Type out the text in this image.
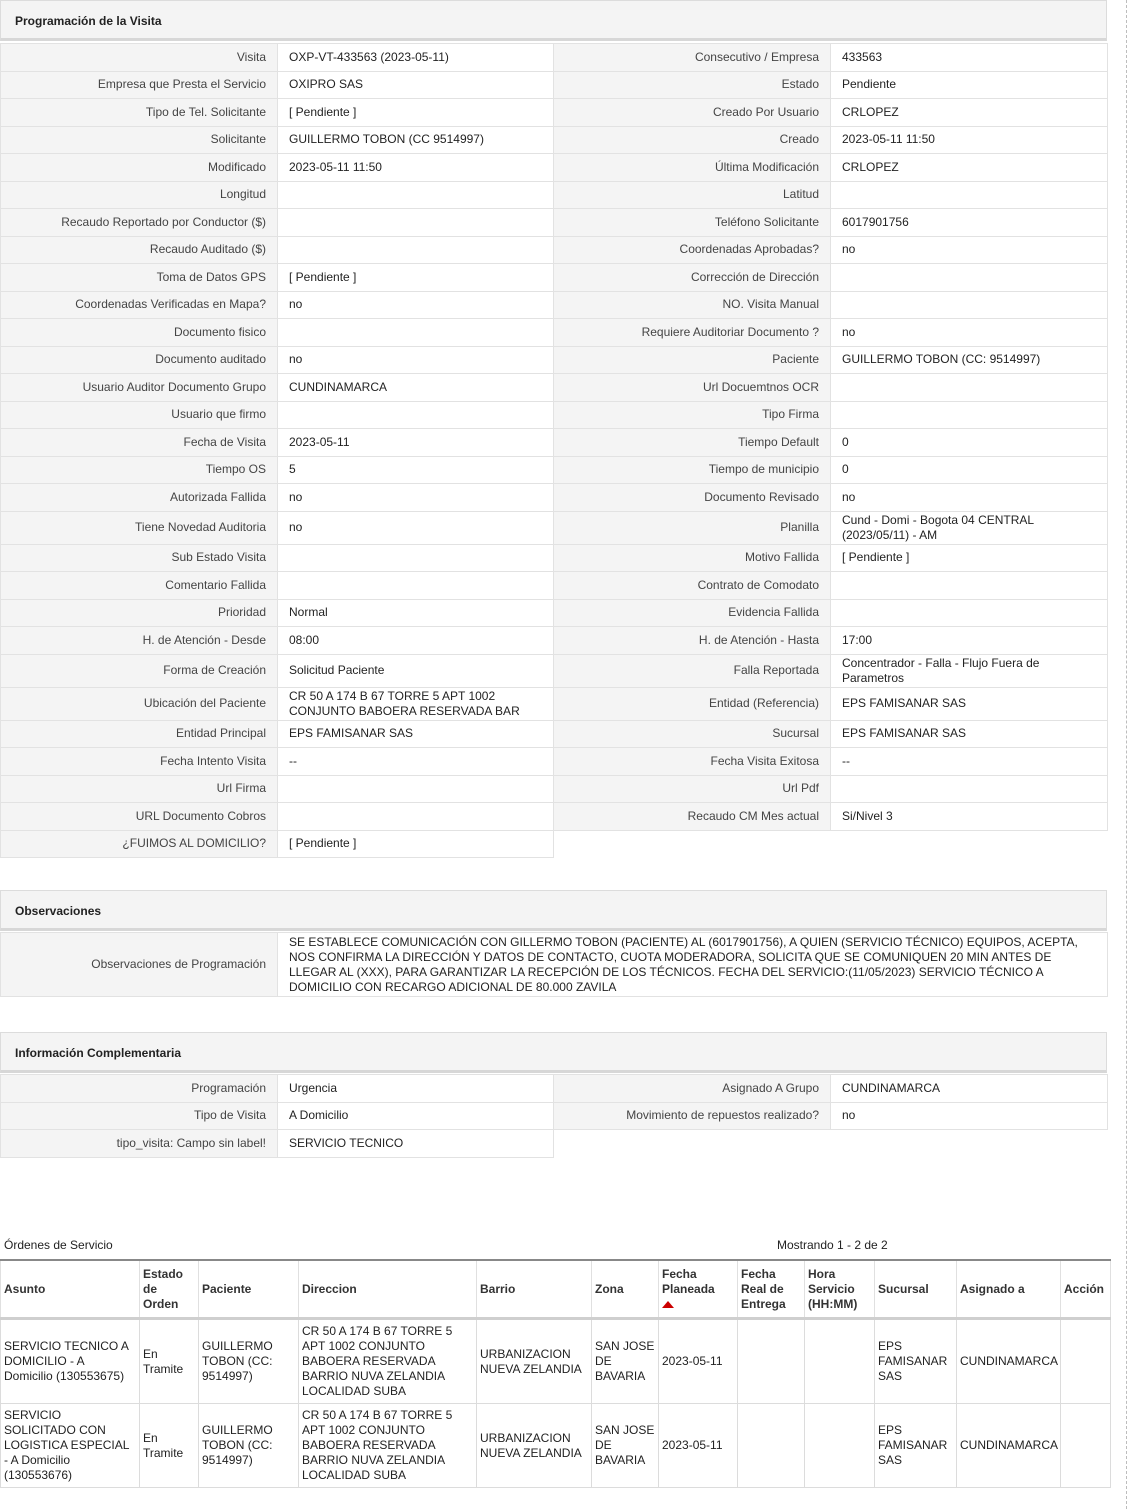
Programación de la Visita
Visita	OXP-VT-433563 (2023-05-11)	Consecutivo / Empresa	433563
Empresa que Presta el Servicio	OXIPRO SAS	Estado	Pendiente
Tipo de Tel. Solicitante	[ Pendiente ]	Creado Por Usuario	CRLOPEZ
Solicitante	GUILLERMO TOBON (CC 9514997)	Creado	2023-05-11 11:50
Modificado	2023-05-11 11:50	Última Modificación	CRLOPEZ
Longitud		Latitud	
Recaudo Reportado por Conductor ($)		Teléfono Solicitante	6017901756
Recaudo Auditado ($)		Coordenadas Aprobadas?	no
Toma de Datos GPS	[ Pendiente ]	Corrección de Dirección	
Coordenadas Verificadas en Mapa?	no	NO. Visita Manual	
Documento fisico		Requiere Auditoriar Documento ?	no
Documento auditado	no	Paciente	GUILLERMO TOBON (CC: 9514997)
Usuario Auditor Documento Grupo	CUNDINAMARCA	Url Docuemtnos OCR	
Usuario que firmo		Tipo Firma	
Fecha de Visita	2023-05-11	Tiempo Default	0
Tiempo OS	5	Tiempo de municipio	0
Autorizada Fallida	no	Documento Revisado	no
Tiene Novedad Auditoria	no	Planilla	Cund - Domi - Bogota 04 CENTRAL (2023/05/11) - AM
Sub Estado Visita		Motivo Fallida	[ Pendiente ]
Comentario Fallida		Contrato de Comodato	
Prioridad	Normal	Evidencia Fallida	
H. de Atención - Desde	08:00	H. de Atención - Hasta	17:00
Forma de Creación	Solicitud Paciente	Falla Reportada	Concentrador - Falla - Flujo Fuera de Parametros
Ubicación del Paciente	CR 50 A 174 B 67 TORRE 5 APT 1002 CONJUNTO BABOERA RESERVADA BAR	Entidad (Referencia)	EPS FAMISANAR SAS
Entidad Principal	EPS FAMISANAR SAS	Sucursal	EPS FAMISANAR SAS
Fecha Intento Visita	--	Fecha Visita Exitosa	--
Url Firma		Url Pdf	
URL Documento Cobros		Recaudo CM Mes actual	Si/Nivel 3
¿FUIMOS AL DOMICILIO?	[ Pendiente ]		
Observaciones
Observaciones de Programación	SE ESTABLECE COMUNICACIÓN CON GILLERMO TOBON (PACIENTE) AL (6017901756), A QUIEN (SERVICIO TÉCNICO) EQUIPOS, ACEPTA, NOS CONFIRMA LA DIRECCIÓN Y DATOS DE CONTACTO, CUOTA MODERADORA, SOLICITA QUE SE COMUNIQUEN 20 MIN ANTES DE LLEGAR AL (XXX), PARA GARANTIZAR LA RECEPCIÓN DE LOS TÉCNICOS. FECHA DEL SERVICIO:(11/05/2023) SERVICIO TÉCNICO A DOMICILIO CON RECARGO ADICIONAL DE 80.000 ZAVILA
Información Complementaria
Programación	Urgencia	Asignado A Grupo	CUNDINAMARCA
Tipo de Visita	A Domicilio	Movimiento de repuestos realizado?	no
tipo_visita: Campo sin label!	SERVICIO TECNICO		
Órdenes de Servicio	Mostrando 1 - 2 de 2
Asunto	Estado de Orden	Paciente	Direccion	Barrio	Zona	Fecha Planeada	Fecha Real de Entrega	Hora Servicio (HH:MM)	Sucursal	Asignado a	Acción
SERVICIO TECNICO A DOMICILIO - A Domicilio (130553675)	En Tramite	GUILLERMO TOBON (CC: 9514997)	CR 50 A 174 B 67 TORRE 5 APT 1002 CONJUNTO BABOERA RESERVADA BARRIO NUVA ZELANDIA LOCALIDAD SUBA	URBANIZACION NUEVA ZELANDIA	SAN JOSE DE BAVARIA	2023-05-11			EPS FAMISANAR SAS	CUNDINAMARCA	
SERVICIO SOLICITADO CON LOGISTICA ESPECIAL - A Domicilio (130553676)	En Tramite	GUILLERMO TOBON (CC: 9514997)	CR 50 A 174 B 67 TORRE 5 APT 1002 CONJUNTO BABOERA RESERVADA BARRIO NUVA ZELANDIA LOCALIDAD SUBA	URBANIZACION NUEVA ZELANDIA	SAN JOSE DE BAVARIA	2023-05-11			EPS FAMISANAR SAS	CUNDINAMARCA	
